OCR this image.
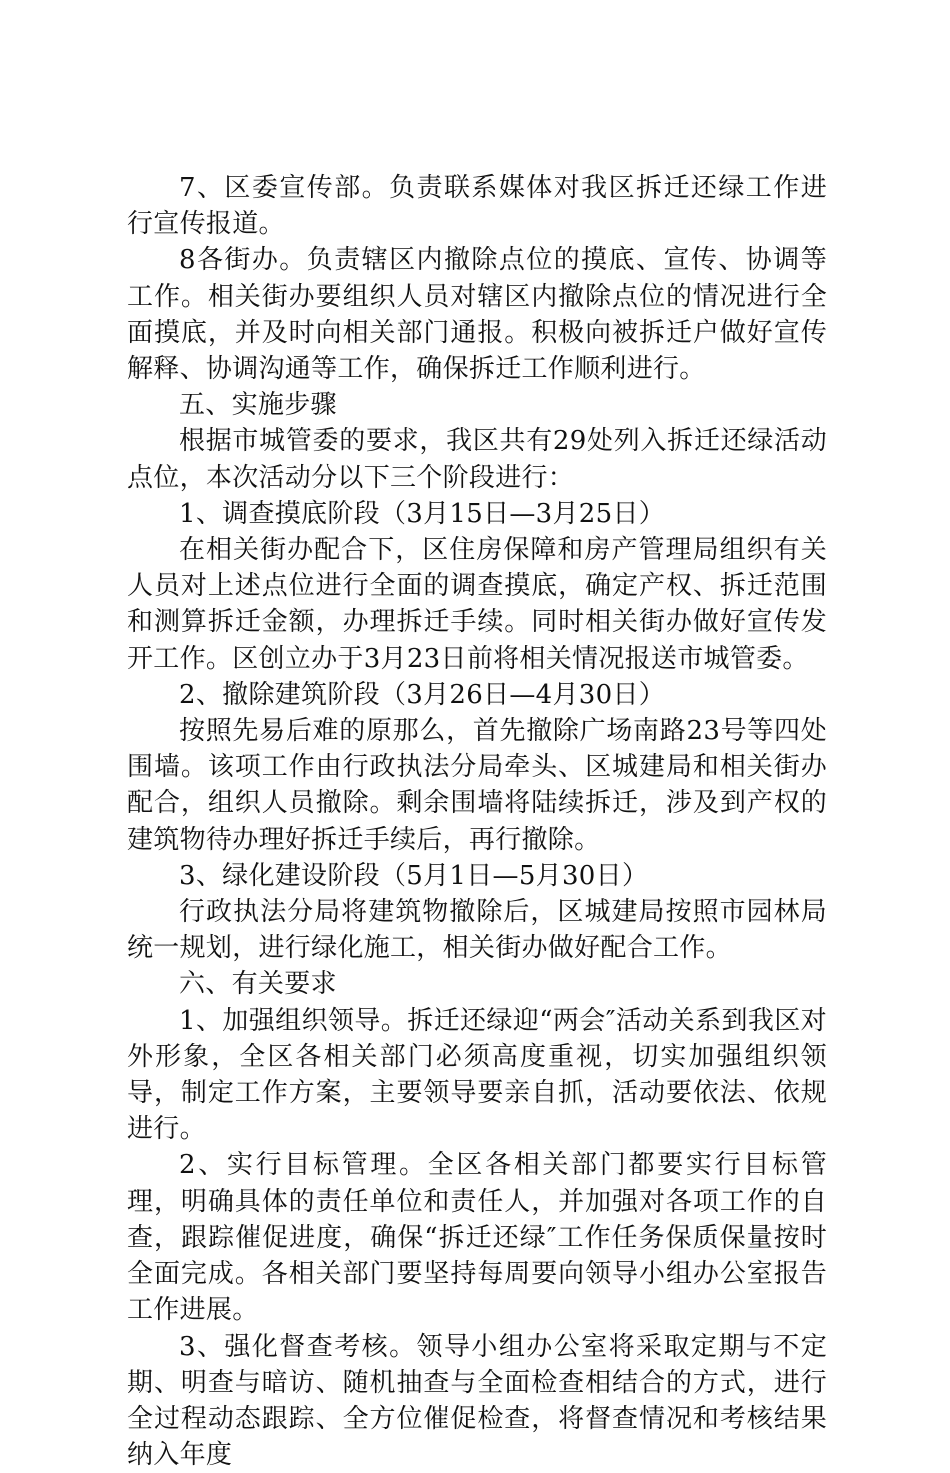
7、区委宣传部。负责联系媒体对我区拆迁还绿工作进行宣传报道。

8各街办。负责辖区内撤除点位的摸底、宣传、协调等工作。相关街办要组织人员对辖区内撤除点位的情况进行全面摸底，并及时向相关部门通报。积极向被拆迁户做好宣传解释、协调沟通等工作，确保拆迁工作顺利进行。

五、实施步骤

根据市城管委的要求，我区共有29处列入拆迁还绿活动点位，本次活动分以下三个阶段进行：

1、调查摸底阶段（3月15日—3月25日）

在相关街办配合下，区住房保障和房产管理局组织有关人员对上述点位进行全面的调查摸底，确定产权、拆迁范围和测算拆迁金额，办理拆迁手续。同时相关街办做好宣传发开工作。区创立办于3月23日前将相关情况报送市城管委。

2、撤除建筑阶段（3月26日—4月30日）

按照先易后难的原那么，首先撤除广场南路23号等四处围墙。该项工作由行政执法分局牵头、区城建局和相关街办配合，组织人员撤除。剩余围墙将陆续拆迁，涉及到产权的建筑物待办理好拆迁手续后，再行撤除。

3、绿化建设阶段（5月1日—5月30日）

行政执法分局将建筑物撤除后，区城建局按照市园林局统一规划，进行绿化施工，相关街办做好配合工作。

六、有关要求

1、加强组织领导。拆迁还绿迎“两会″活动关系到我区对外形象，全区各相关部门必须高度重视，切实加强组织领导，制定工作方案，主要领导要亲自抓，活动要依法、依规进行。

2、实行目标管理。全区各相关部门都要实行目标管理，明确具体的责任单位和责任人，并加强对各项工作的自查，跟踪催促进度，确保“拆迁还绿″工作任务保质保量按时全面完成。各相关部门要坚持每周要向领导小组办公室报告工作进展。

3、强化督查考核。领导小组办公室将采取定期与不定期、明查与暗访、随机抽查与全面检查相结合的方式，进行全过程动态跟踪、全方位催促检查，将督查情况和考核结果纳入年度
